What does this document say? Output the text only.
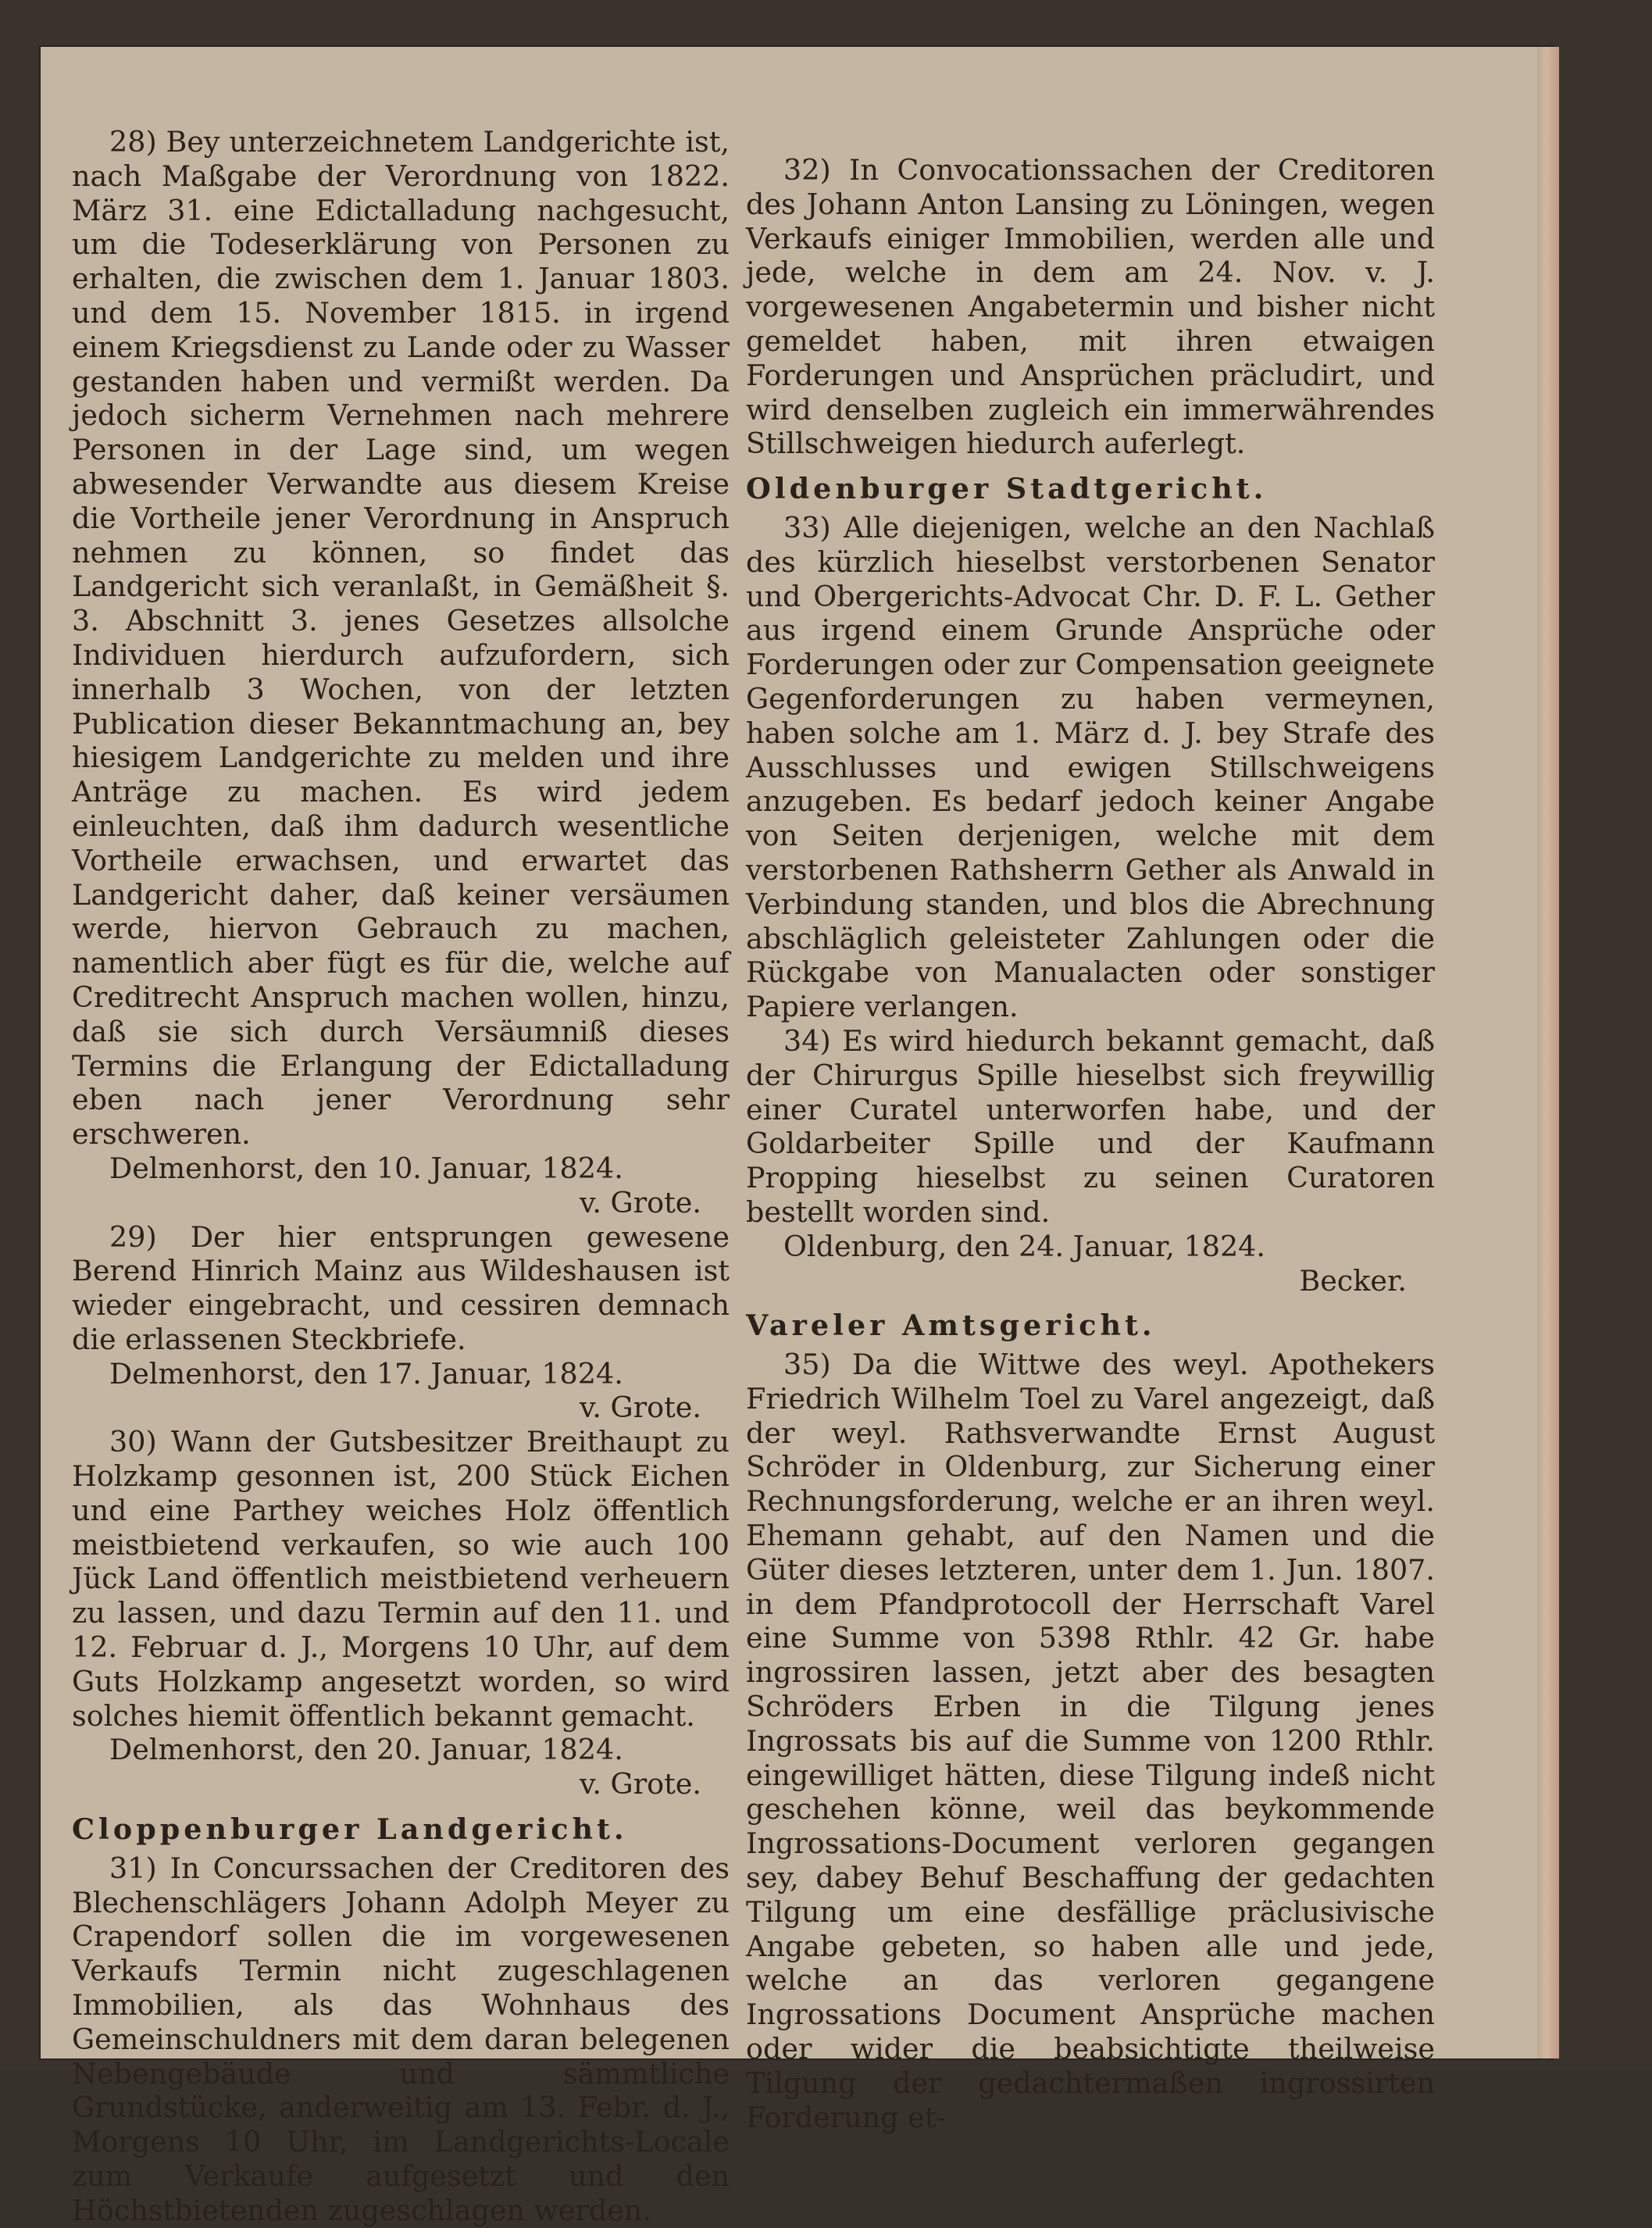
28) Bey unterzeichnetem Landgerichte ist, nach Maßgabe der Verordnung von 1822. März 31. eine Edictalladung nachgesucht, um die Todeserklärung von Personen zu erhalten, die zwischen dem 1. Januar 1803. und dem 15. November 1815. in irgend einem Kriegsdienst zu Lande oder zu Wasser gestanden haben und vermißt werden. Da jedoch sicherm Vernehmen nach mehrere Personen in der Lage sind, um wegen abwesender Verwandte aus diesem Kreise die Vortheile jener Verordnung in Anspruch nehmen zu können, so findet das Landgericht sich veranlaßt, in Gemäßheit §. 3. Abschnitt 3. jenes Gesetzes allsolche Individuen hierdurch aufzufordern, sich innerhalb 3 Wochen, von der letzten Publication dieser Bekanntmachung an, bey hiesigem Landgerichte zu melden und ihre Anträge zu machen. Es wird jedem einleuchten, daß ihm dadurch wesentliche Vortheile erwachsen, und erwartet das Landgericht daher, daß keiner versäumen werde, hiervon Gebrauch zu machen, namentlich aber fügt es für die, welche auf Creditrecht Anspruch machen wollen, hinzu, daß sie sich durch Versäumniß dieses Termins die Erlangung der Edictalladung eben nach jener Verordnung sehr erschweren.

Delmenhorst, den 10. Januar, 1824.

v. Grote.

29) Der hier entsprungen gewesene Berend Hinrich Mainz aus Wildeshausen ist wieder eingebracht, und cessiren demnach die erlassenen Steckbriefe.

Delmenhorst, den 17. Januar, 1824.

v. Grote.

30) Wann der Gutsbesitzer Breithaupt zu Holzkamp gesonnen ist, 200 Stück Eichen und eine Parthey weiches Holz öffentlich meistbietend verkaufen, so wie auch 100 Jück Land öffentlich meistbietend verheuern zu lassen, und dazu Termin auf den 11. und 12. Februar d. J., Morgens 10 Uhr, auf dem Guts Holzkamp angesetzt worden, so wird solches hiemit öffentlich bekannt gemacht.

Delmenhorst, den 20. Januar, 1824.

v. Grote.

Cloppenburger Landgericht.

31) In Concurssachen der Creditoren des Blechenschlägers Johann Adolph Meyer zu Crapendorf sollen die im vorgewesenen Verkaufs Termin nicht zugeschlagenen Immobilien, als das Wohnhaus des Gemeinschuldners mit dem daran belegenen Nebengebäude und sämmtliche Grundstücke, anderweitig am 13. Febr. d. J., Morgens 10 Uhr, im Landgerichts-Locale zum Verkaufe aufgesetzt und den Höchstbietenden zugeschlagen werden.

32) In Convocationssachen der Creditoren des Johann Anton Lansing zu Löningen, wegen Verkaufs einiger Immobilien, werden alle und jede, welche in dem am 24. Nov. v. J. vorgewesenen Angabetermin und bisher nicht gemeldet haben, mit ihren etwaigen Forderungen und Ansprüchen präcludirt, und wird denselben zugleich ein immerwährendes Stillschweigen hiedurch auferlegt.

Oldenburger Stadtgericht.

33) Alle diejenigen, welche an den Nachlaß des kürzlich hieselbst verstorbenen Senator und Obergerichts-Advocat Chr. D. F. L. Gether aus irgend einem Grunde Ansprüche oder Forderungen oder zur Compensation geeignete Gegenforderungen zu haben vermeynen, haben solche am 1. März d. J. bey Strafe des Ausschlusses und ewigen Stillschweigens anzugeben. Es bedarf jedoch keiner Angabe von Seiten derjenigen, welche mit dem verstorbenen Rathsherrn Gether als Anwald in Verbindung standen, und blos die Abrechnung abschläglich geleisteter Zahlungen oder die Rückgabe von Manualacten oder sonstiger Papiere verlangen.

34) Es wird hiedurch bekannt gemacht, daß der Chirurgus Spille hieselbst sich freywillig einer Curatel unterworfen habe, und der Goldarbeiter Spille und der Kaufmann Propping hieselbst zu seinen Curatoren bestellt worden sind.

Oldenburg, den 24. Januar, 1824.

Becker.

Vareler Amtsgericht.

35) Da die Wittwe des weyl. Apothekers Friedrich Wilhelm Toel zu Varel angezeigt, daß der weyl. Rathsverwandte Ernst August Schröder in Oldenburg, zur Sicherung einer Rechnungsforderung, welche er an ihren weyl. Ehemann gehabt, auf den Namen und die Güter dieses letzteren, unter dem 1. Jun. 1807. in dem Pfandprotocoll der Herrschaft Varel eine Summe von 5398 Rthlr. 42 Gr. habe ingrossiren lassen, jetzt aber des besagten Schröders Erben in die Tilgung jenes Ingrossats bis auf die Summe von 1200 Rthlr. eingewilliget hätten, diese Tilgung indeß nicht geschehen könne, weil das beykommende Ingrossations-Document verloren gegangen sey, dabey Behuf Beschaffung der gedachten Tilgung um eine desfällige präclusivische Angabe gebeten, so haben alle und jede, welche an das verloren gegangene Ingrossations Document Ansprüche machen oder wider die beabsichtigte theilweise Tilgung der gedachtermaßen ingrossirten Forderung et-
